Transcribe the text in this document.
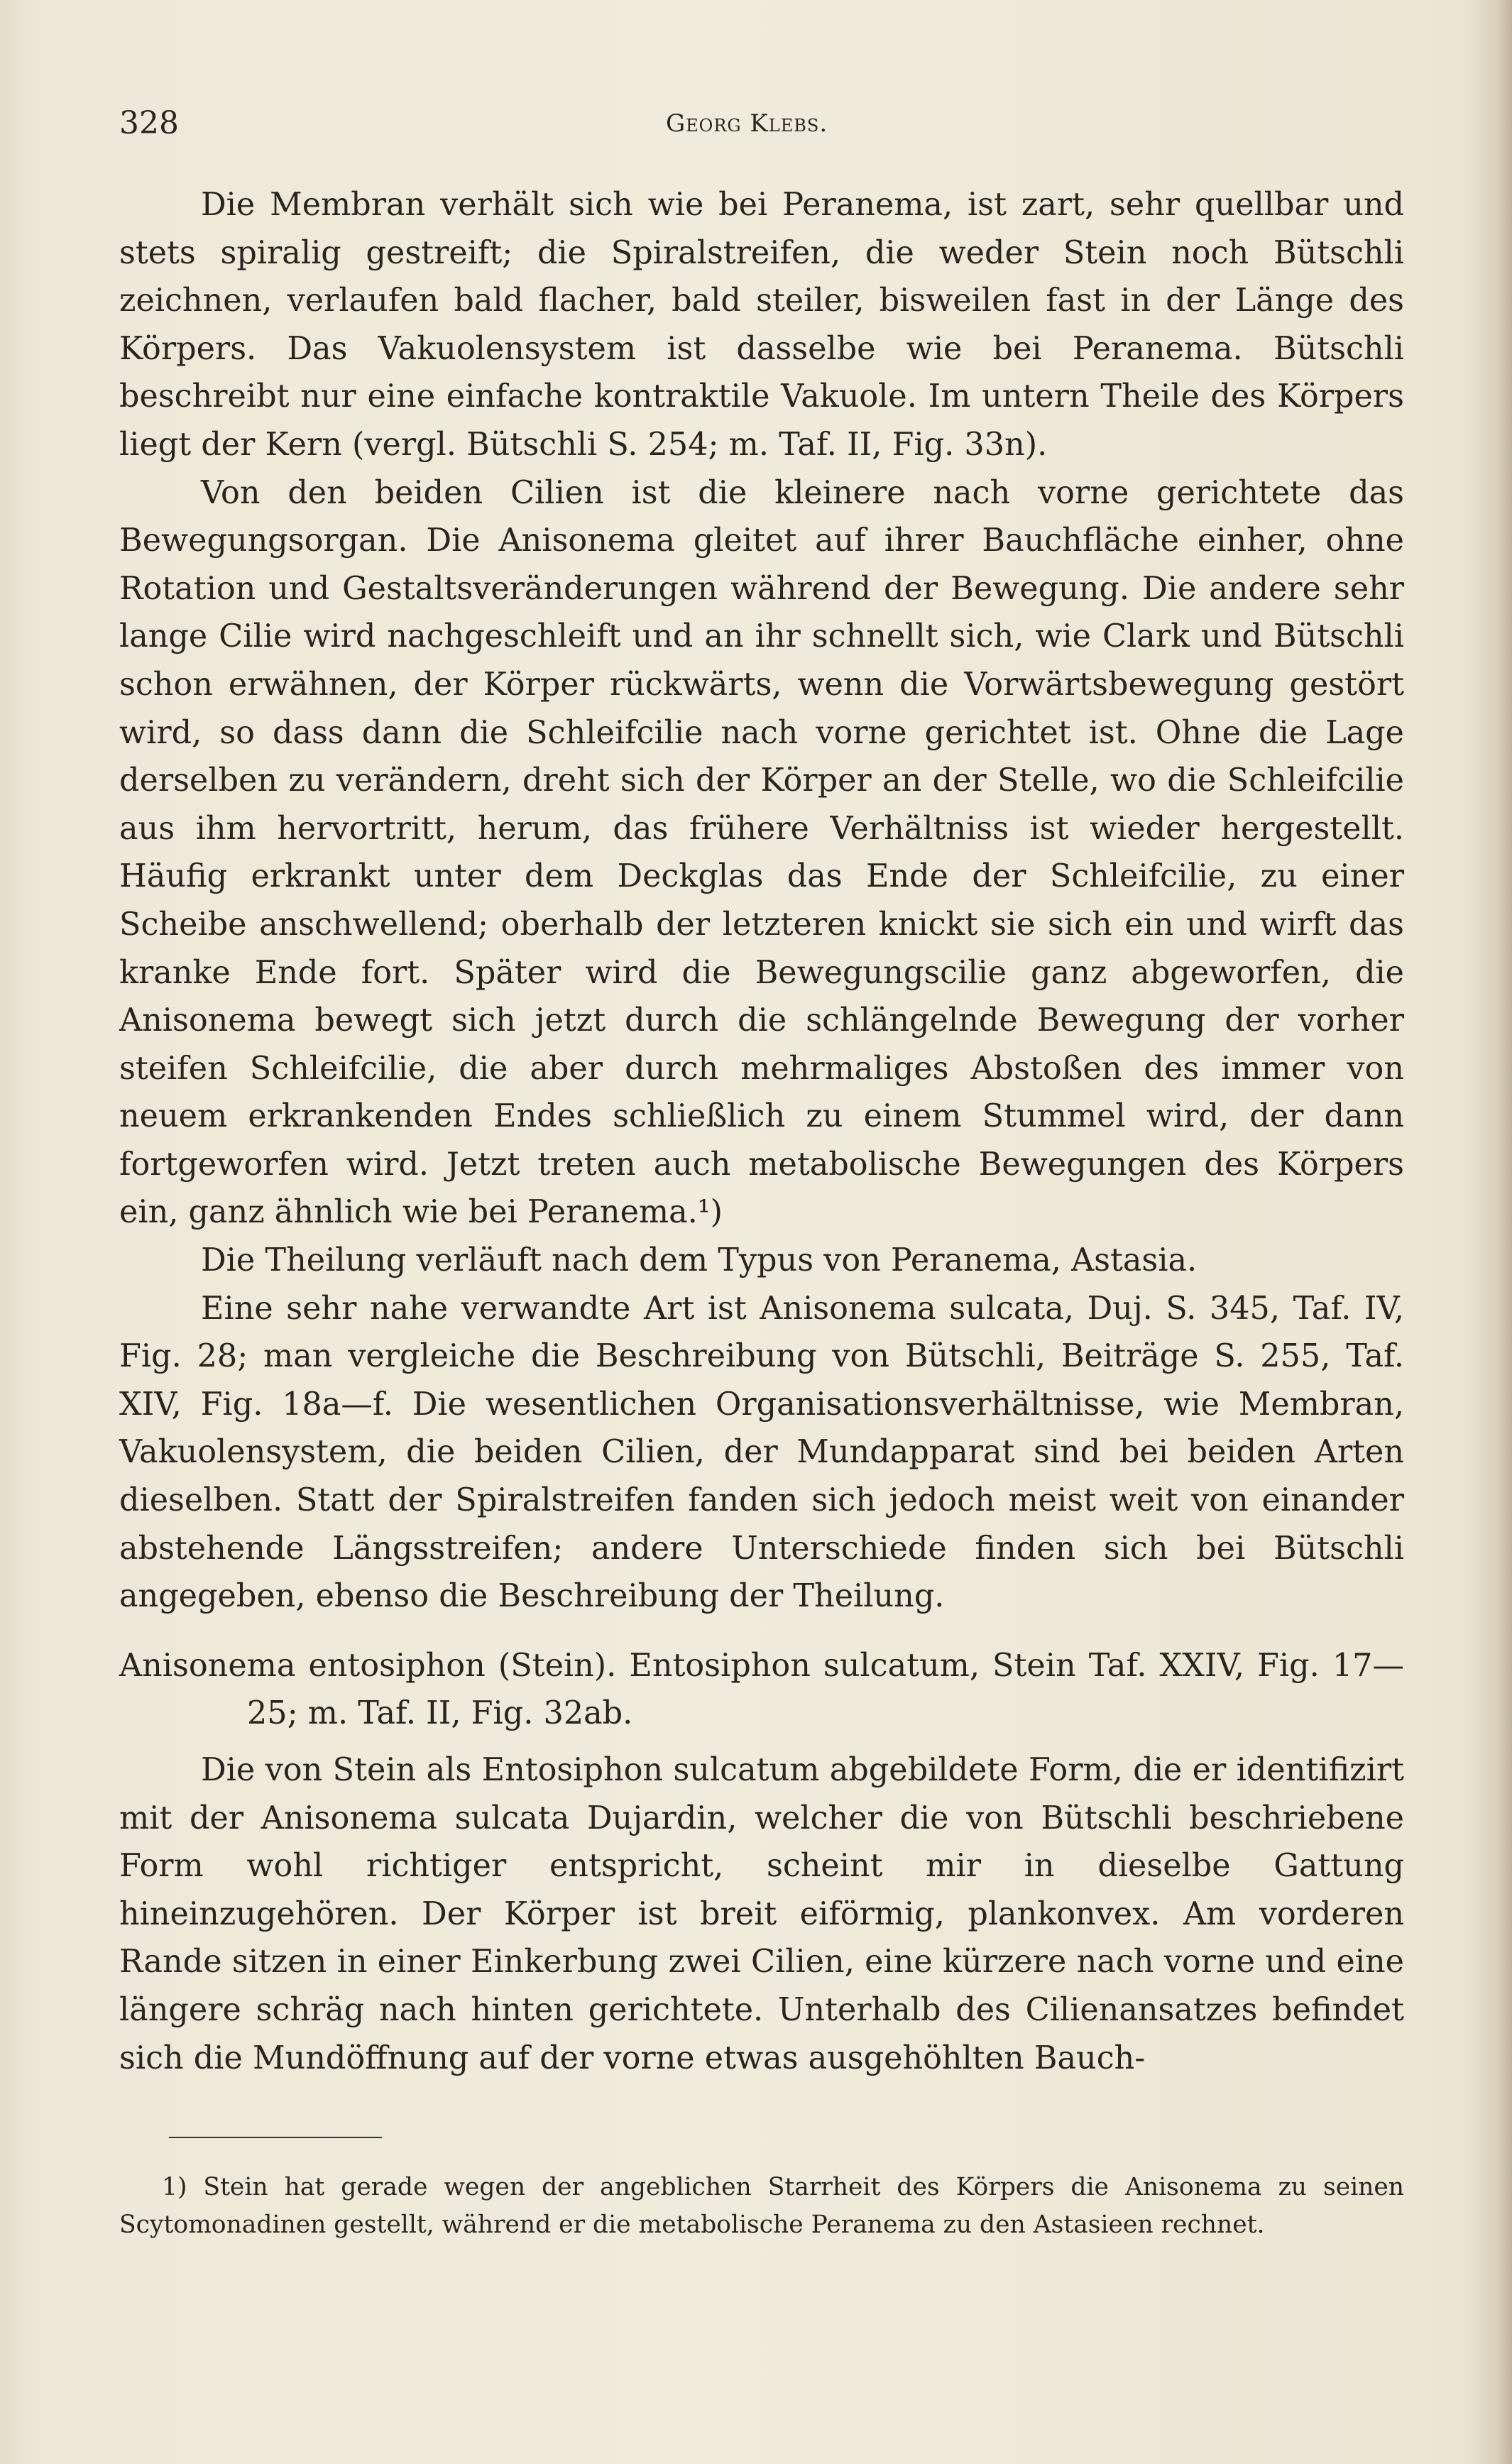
328	Georg Klebs.

Die Membran verhält sich wie bei Peranema, ist zart, sehr quellbar und stets spiralig gestreift; die Spiralstreifen, die weder Stein noch Bütschli zeichnen, verlaufen bald flacher, bald steiler, bisweilen fast in der Länge des Körpers. Das Vakuolensystem ist dasselbe wie bei Peranema. Bütschli beschreibt nur eine einfache kontraktile Vakuole. Im untern Theile des Körpers liegt der Kern (vergl. Bütschli S. 254; m. Taf. II, Fig. 33n).

Von den beiden Cilien ist die kleinere nach vorne gerichtete das Bewegungsorgan. Die Anisonema gleitet auf ihrer Bauchfläche einher, ohne Rotation und Gestaltsveränderungen während der Bewegung. Die andere sehr lange Cilie wird nachgeschleift und an ihr schnellt sich, wie Clark und Bütschli schon erwähnen, der Körper rückwärts, wenn die Vorwärtsbewegung gestört wird, so dass dann die Schleifcilie nach vorne gerichtet ist. Ohne die Lage derselben zu verändern, dreht sich der Körper an der Stelle, wo die Schleifcilie aus ihm hervortritt, herum, das frühere Verhältniss ist wieder hergestellt. Häufig erkrankt unter dem Deckglas das Ende der Schleifcilie, zu einer Scheibe anschwellend; oberhalb der letzteren knickt sie sich ein und wirft das kranke Ende fort. Später wird die Bewegungscilie ganz abgeworfen, die Anisonema bewegt sich jetzt durch die schlängelnde Bewegung der vorher steifen Schleifcilie, die aber durch mehrmaliges Abstoßen des immer von neuem erkrankenden Endes schließlich zu einem Stummel wird, der dann fortgeworfen wird. Jetzt treten auch metabolische Bewegungen des Körpers ein, ganz ähnlich wie bei Peranema.¹)

Die Theilung verläuft nach dem Typus von Peranema, Astasia.

Eine sehr nahe verwandte Art ist Anisonema sulcata, Duj. S. 345, Taf. IV, Fig. 28; man vergleiche die Beschreibung von Bütschli, Beiträge S. 255, Taf. XIV, Fig. 18a—f. Die wesentlichen Organisationsverhältnisse, wie Membran, Vakuolensystem, die beiden Cilien, der Mundapparat sind bei beiden Arten dieselben. Statt der Spiralstreifen fanden sich jedoch meist weit von einander abstehende Längsstreifen; andere Unterschiede finden sich bei Bütschli angegeben, ebenso die Beschreibung der Theilung.

Anisonema entosiphon (Stein). Entosiphon sulcatum, Stein Taf. XXIV, Fig. 17—25; m. Taf. II, Fig. 32ab.

Die von Stein als Entosiphon sulcatum abgebildete Form, die er identifizirt mit der Anisonema sulcata Dujardin, welcher die von Bütschli beschriebene Form wohl richtiger entspricht, scheint mir in dieselbe Gattung hineinzugehören. Der Körper ist breit eiförmig, plankonvex. Am vorderen Rande sitzen in einer Einkerbung zwei Cilien, eine kürzere nach vorne und eine längere schräg nach hinten gerichtete. Unterhalb des Cilienansatzes befindet sich die Mundöffnung auf der vorne etwas ausgehöhlten Bauch-

1) Stein hat gerade wegen der angeblichen Starrheit des Körpers die Anisonema zu seinen Scytomonadinen gestellt, während er die metabolische Peranema zu den Astasieen rechnet.
